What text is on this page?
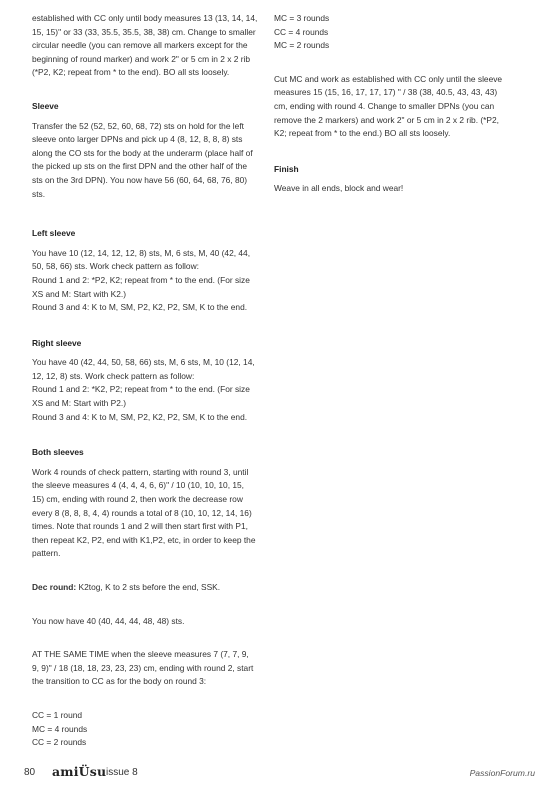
established with CC only until body measures 13 (13, 14, 14, 15, 15)" or 33 (33, 35.5, 35.5, 38, 38) cm. Change to smaller circular needle (you can remove all markers except for the beginning of round marker) and work 2" or 5 cm in 2 x 2 rib (*P2, K2; repeat from * to the end). BO all sts loosely.

Sleeve

Transfer the 52 (52, 52, 60, 68, 72) sts on hold for the left sleeve onto larger DPNs and pick up 4 (8, 12, 8, 8, 8) sts along the CO sts for the body at the underarm (place half of the picked up sts on the first DPN and the other half of the sts on the 3rd DPN). You now have 56 (60, 64, 68, 76, 80) sts.

Left sleeve

You have 10 (12, 14, 12, 12, 8) sts, M, 6 sts, M, 40 (42, 44, 50, 58, 66) sts. Work check pattern as follow:

Round 1 and 2: *P2, K2; repeat from * to the end. (For size XS and M: Start with K2.)

Round 3 and 4: K to M, SM, P2, K2, P2, SM, K to the end.

Right sleeve

You have 40 (42, 44, 50, 58, 66) sts, M, 6 sts, M, 10 (12, 14, 12, 12, 8) sts. Work check pattern as follow:

Round 1 and 2: *K2, P2; repeat from * to the end. (For size XS and M: Start with P2.)

Round 3 and 4: K to M, SM, P2, K2, P2, SM, K to the end.

Both sleeves

Work 4 rounds of check pattern, starting with round 3, until the sleeve measures 4 (4, 4, 4, 6, 6)" / 10 (10, 10, 10, 15, 15) cm, ending with round 2, then work the decrease row every 8 (8, 8, 8, 4, 4) rounds a total of 8 (10, 10, 12, 14, 16) times. Note that rounds 1 and 2 will then start first with P1, then repeat K2, P2, end with K1,P2, etc, in order to keep the pattern.

Dec round: K2tog, K to 2 sts before the end, SSK.

You now have 40 (40, 44, 44, 48, 48) sts.

AT THE SAME TIME when the sleeve measures 7 (7, 7, 9, 9, 9)" / 18 (18, 18, 23, 23, 23) cm, ending with round 2, start the transition to CC as for the body on round 3:

CC = 1 round

MC = 4 rounds

CC = 2 rounds

MC = 3 rounds

CC = 4 rounds

MC = 2 rounds

Cut MC and work as established with CC only until the sleeve measures 15 (15, 16, 17, 17, 17) " / 38 (38, 40.5, 43, 43, 43) cm, ending with round 4. Change to smaller DPNs (you can remove the 2 markers) and work 2" or 5 cm in 2 x 2 rib. (*P2, K2; repeat from * to the end.) BO all sts loosely.

Finish

Weave in all ends, block and wear!

80 amiÜsu issue 8	PassionForum.ru
